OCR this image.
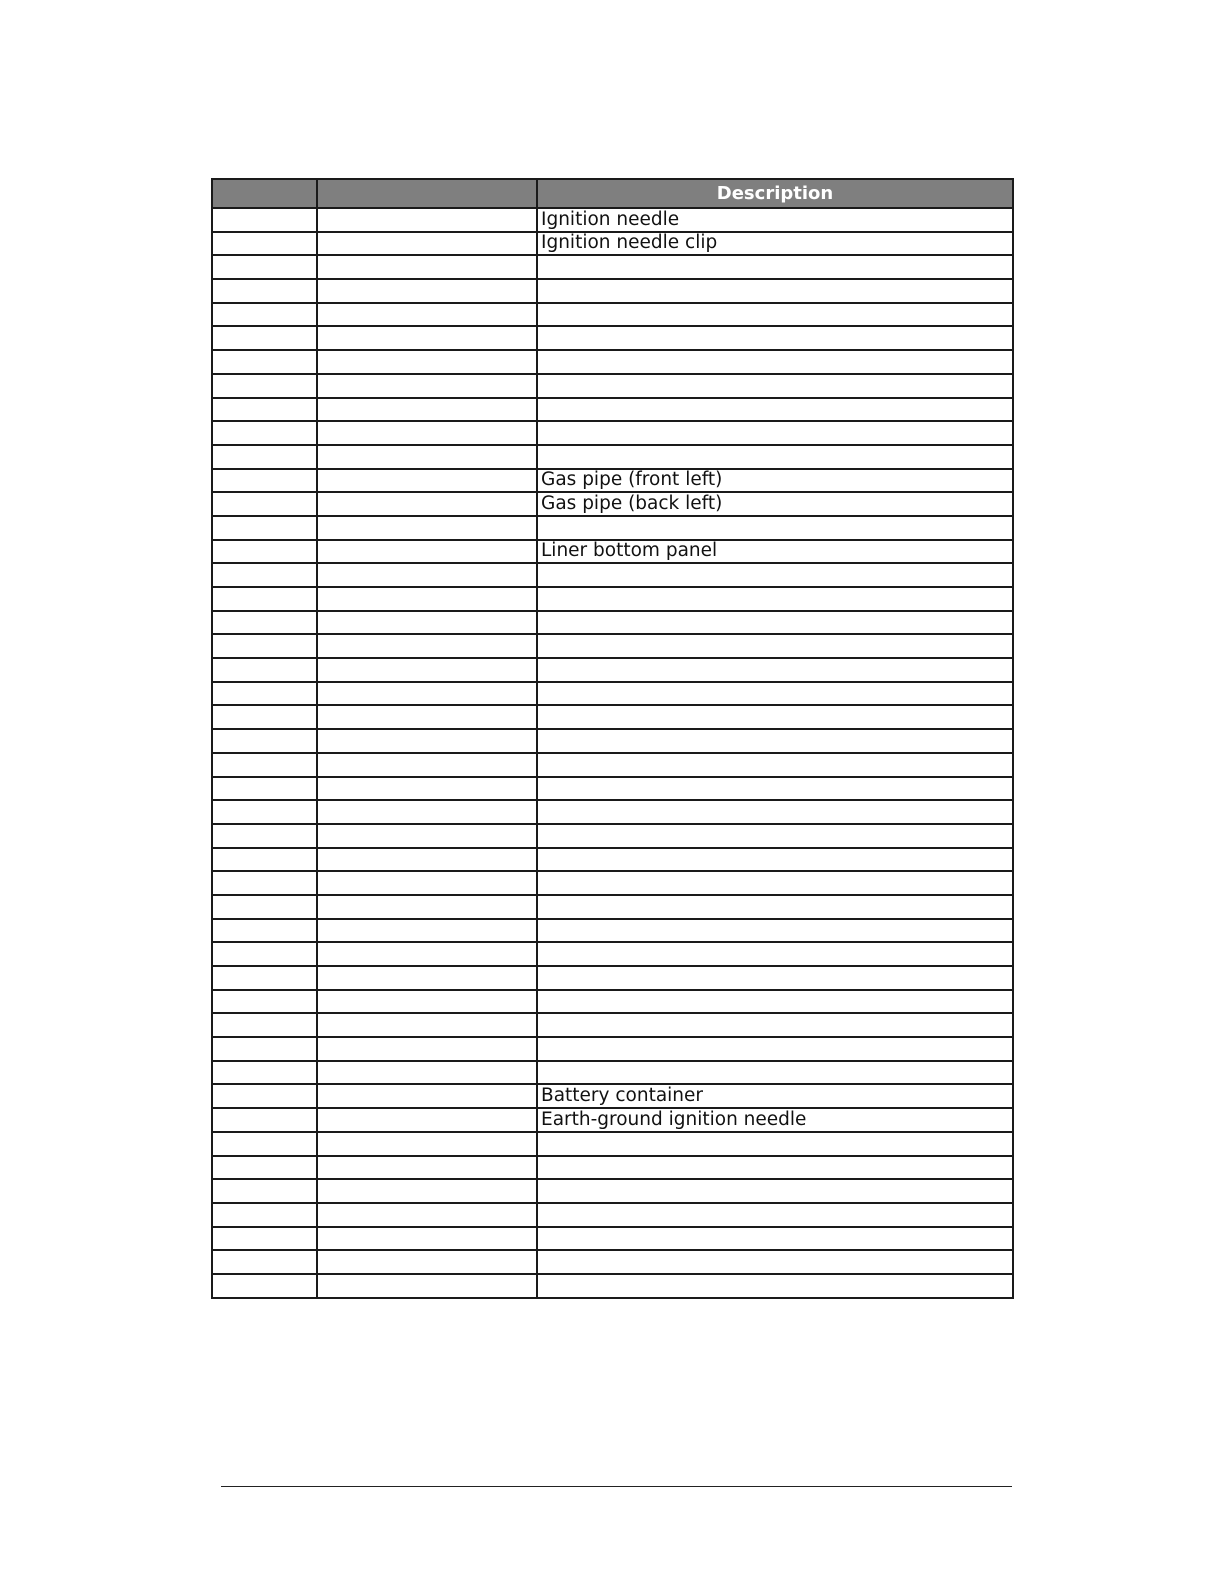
		Description
		Ignition needle
		Ignition needle clip

		Gas pipe (front left)
		Gas pipe (back left)

		Liner bottom panel

		Battery container
		Earth-ground ignition needle
